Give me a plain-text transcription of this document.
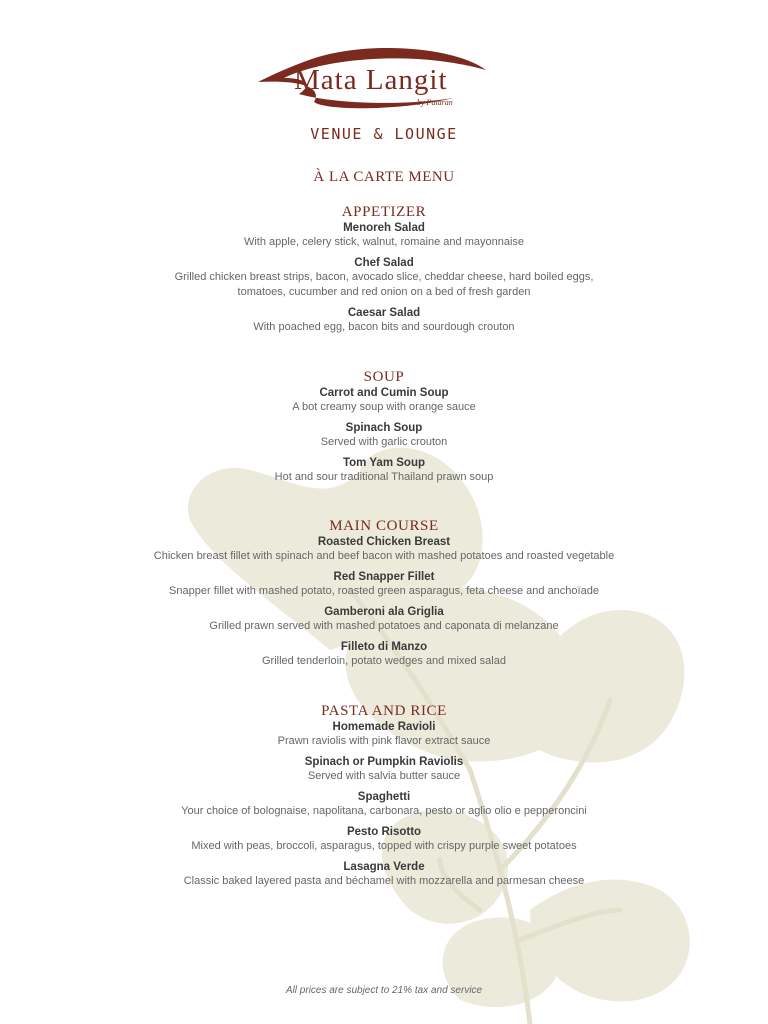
Mata Langit
by Pataran
VENUE & LOUNGE
À LA CARTE MENU
APPETIZER
Menoreh Salad
With apple, celery stick, walnut, romaine and mayonnaise
Chef Salad
Grilled chicken breast strips, bacon, avocado slice, cheddar cheese, hard boiled eggs,
tomatoes, cucumber and red onion on a bed of fresh garden
Caesar Salad
With poached egg, bacon bits and sourdough crouton
SOUP
Carrot and Cumin Soup
A bot creamy soup with orange sauce
Spinach Soup
Served with garlic crouton
Tom Yam Soup
Hot and sour traditional Thailand prawn soup
MAIN COURSE
Roasted Chicken Breast
Chicken breast fillet with spinach and beef bacon with mashed potatoes and roasted vegetable
Red Snapper Fillet
Snapper fillet with mashed potato, roasted green asparagus, feta cheese and anchoïade
Gamberoni ala Griglia
Grilled prawn served with mashed potatoes and caponata di melanzane
Filleto di Manzo
Grilled tenderloin, potato wedges and mixed salad
PASTA AND RICE
Homemade Ravioli
Prawn raviolis with pink flavor extract sauce
Spinach or Pumpkin Raviolis
Served with salvia butter sauce
Spaghetti
Your choice of bolognaise, napolitana, carbonara, pesto or aglio olio e pepperoncini
Pesto Risotto
Mixed with peas, broccoli, asparagus, topped with crispy purple sweet potatoes
Lasagna Verde
Classic baked layered pasta and béchamel with mozzarella and parmesan cheese
All prices are subject to 21% tax and service
